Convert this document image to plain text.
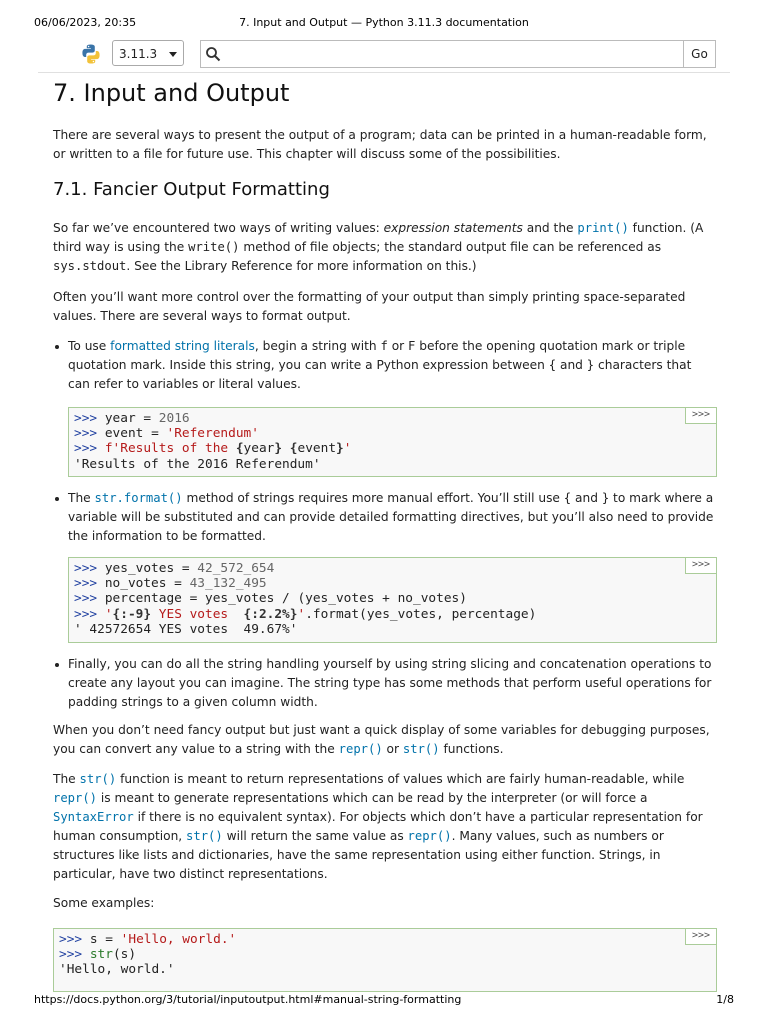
06/06/2023, 20:35	7. Input and Output — Python 3.11.3 documentation
3.11.3	Go
7. Input and Output

There are several ways to present the output of a program; data can be printed in a human-readable form, or written to a file for future use. This chapter will discuss some of the possibilities.

7.1. Fancier Output Formatting

So far we’ve encountered two ways of writing values: expression statements and the print() function. (A third way is using the write() method of file objects; the standard output file can be referenced as sys.stdout. See the Library Reference for more information on this.)

Often you’ll want more control over the formatting of your output than simply printing space-separated values. There are several ways to format output.

To use formatted string literals, begin a string with f or F before the opening quotation mark or triple quotation mark. Inside this string, you can write a Python expression between { and } characters that can refer to variables or literal values.
>>> year = 2016
>>> event = 'Referendum'
>>> f'Results of the {year} {event}'
'Results of the 2016 Referendum'
>>>
The str.format() method of strings requires more manual effort. You’ll still use { and } to mark where a variable will be substituted and can provide detailed formatting directives, but you’ll also need to provide the information to be formatted.
>>> yes_votes = 42_572_654
>>> no_votes = 43_132_495
>>> percentage = yes_votes / (yes_votes + no_votes)
>>> '{:-9} YES votes  {:2.2%}'.format(yes_votes, percentage)
' 42572654 YES votes  49.67%'
>>>
Finally, you can do all the string handling yourself by using string slicing and concatenation operations to create any layout you can imagine. The string type has some methods that perform useful operations for padding strings to a given column width.

When you don’t need fancy output but just want a quick display of some variables for debugging purposes, you can convert any value to a string with the repr() or str() functions.

The str() function is meant to return representations of values which are fairly human-readable, while repr() is meant to generate representations which can be read by the interpreter (or will force a SyntaxError if there is no equivalent syntax). For objects which don’t have a particular representation for human consumption, str() will return the same value as repr(). Many values, such as numbers or structures like lists and dictionaries, have the same representation using either function. Strings, in particular, have two distinct representations.

Some examples:

>>> s = 'Hello, world.'
>>> str(s)
'Hello, world.'
>>>
https://docs.python.org/3/tutorial/inputoutput.html#manual-string-formatting	1/8
